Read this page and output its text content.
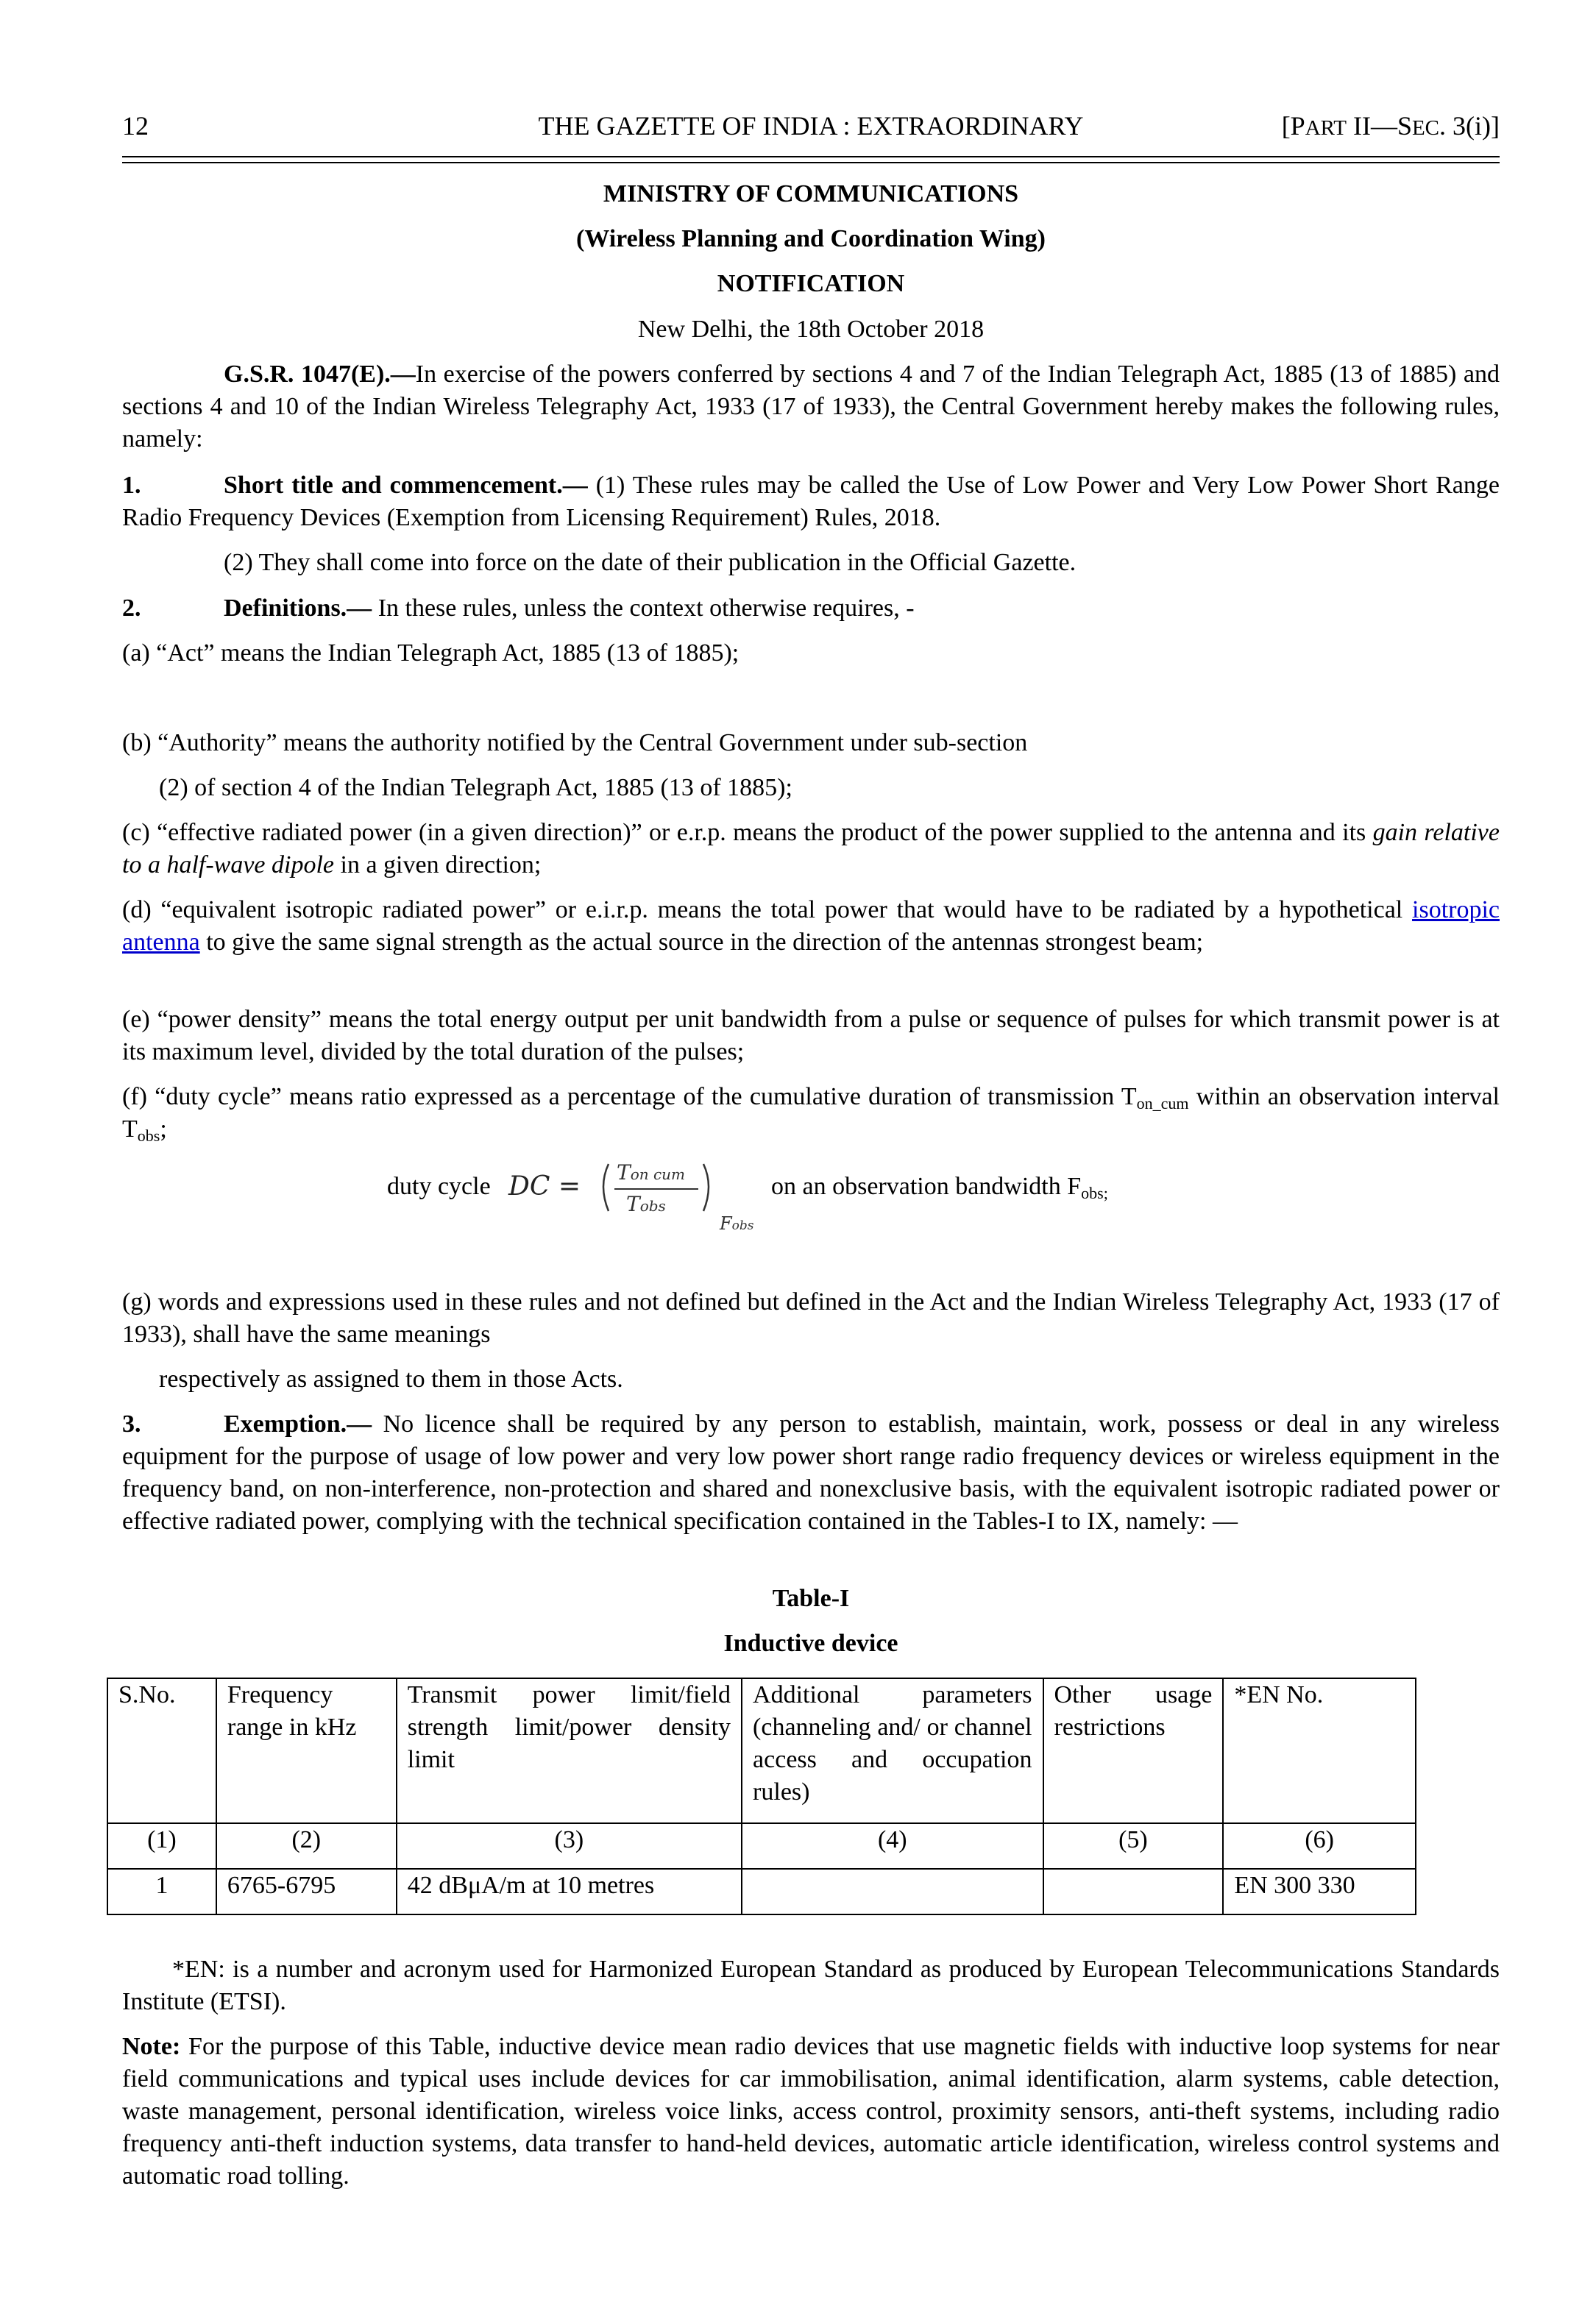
12	THE GAZETTE OF INDIA : EXTRAORDINARY	[PART II—SEC. 3(i)]
MINISTRY OF COMMUNICATIONS
(Wireless Planning and Coordination Wing)
NOTIFICATION
New Delhi, the 18th October 2018
G.S.R. 1047(E).—In exercise of the powers conferred by sections 4 and 7 of the Indian Telegraph Act, 1885 (13 of 1885) and sections 4 and 10 of the Indian Wireless Telegraphy Act, 1933 (17 of 1933), the Central Government hereby makes the following rules, namely:
1.	Short title and commencement.— (1) These rules may be called the Use of Low Power and Very Low Power Short Range Radio Frequency Devices (Exemption from Licensing Requirement) Rules, 2018.
(2) They shall come into force on the date of their publication in the Official Gazette.
2.	Definitions.— In these rules, unless the context otherwise requires, -
(a) “Act” means the Indian Telegraph Act, 1885 (13 of 1885);
(b) “Authority” means the authority notified by the Central Government under sub-section
(2) of section 4 of the Indian Telegraph Act, 1885 (13 of 1885);
(c) “effective radiated power (in a given direction)” or e.r.p. means the product of the power supplied to the antenna and its gain relative to a half-wave dipole in a given direction;
(d) “equivalent isotropic radiated power” or e.i.r.p. means the total power that would have to be radiated by a hypothetical isotropic antenna to give the same signal strength as the actual source in the direction of the antennas strongest beam;
(e) “power density” means the total energy output per unit bandwidth from a pulse or sequence of pulses for which transmit power is at its maximum level, divided by the total duration of the pulses;
(f) “duty cycle” means ratio expressed as a percentage of the cumulative duration of transmission $T_{on\_cum}$ within an observation interval $T_{obs}$;
duty cycle DC = Ton cum
Tobs
Fobs
on an observation bandwidth $F_{obs;}$
(g) words and expressions used in these rules and not defined but defined in the Act and the Indian Wireless Telegraphy Act, 1933 (17 of 1933), shall have the same meanings
respectively as assigned to them in those Acts.
3.	Exemption.— No licence shall be required by any person to establish, maintain, work, possess or deal in any wireless equipment for the purpose of usage of low power and very low power short range radio frequency devices or wireless equipment in the frequency band, on non-interference, non-protection and shared and nonexclusive basis, with the equivalent isotropic radiated power or effective radiated power, complying with the technical specification contained in the Tables-I to IX, namely: —
Table-I
Inductive device
S.No.	Frequency range in kHz	Transmit power limit/field strength limit/power density limit	Additional parameters (channeling and/ or channel access and occupation rules)	Other usage restrictions	*EN No.
(1)	(2)	(3)	(4)	(5)	(6)
1	6765-6795	42 dBμA/m at 10 metres			EN 300 330
*EN: is a number and acronym used for Harmonized European Standard as produced by European Telecommunications Standards Institute (ETSI).
Note: For the purpose of this Table, inductive device mean radio devices that use magnetic fields with inductive loop systems for near field communications and typical uses include devices for car immobilisation, animal identification, alarm systems, cable detection, waste management, personal identification, wireless voice links, access control, proximity sensors, anti-theft systems, including radio frequency anti-theft induction systems, data transfer to hand-held devices, automatic article identification, wireless control systems and automatic road tolling.
